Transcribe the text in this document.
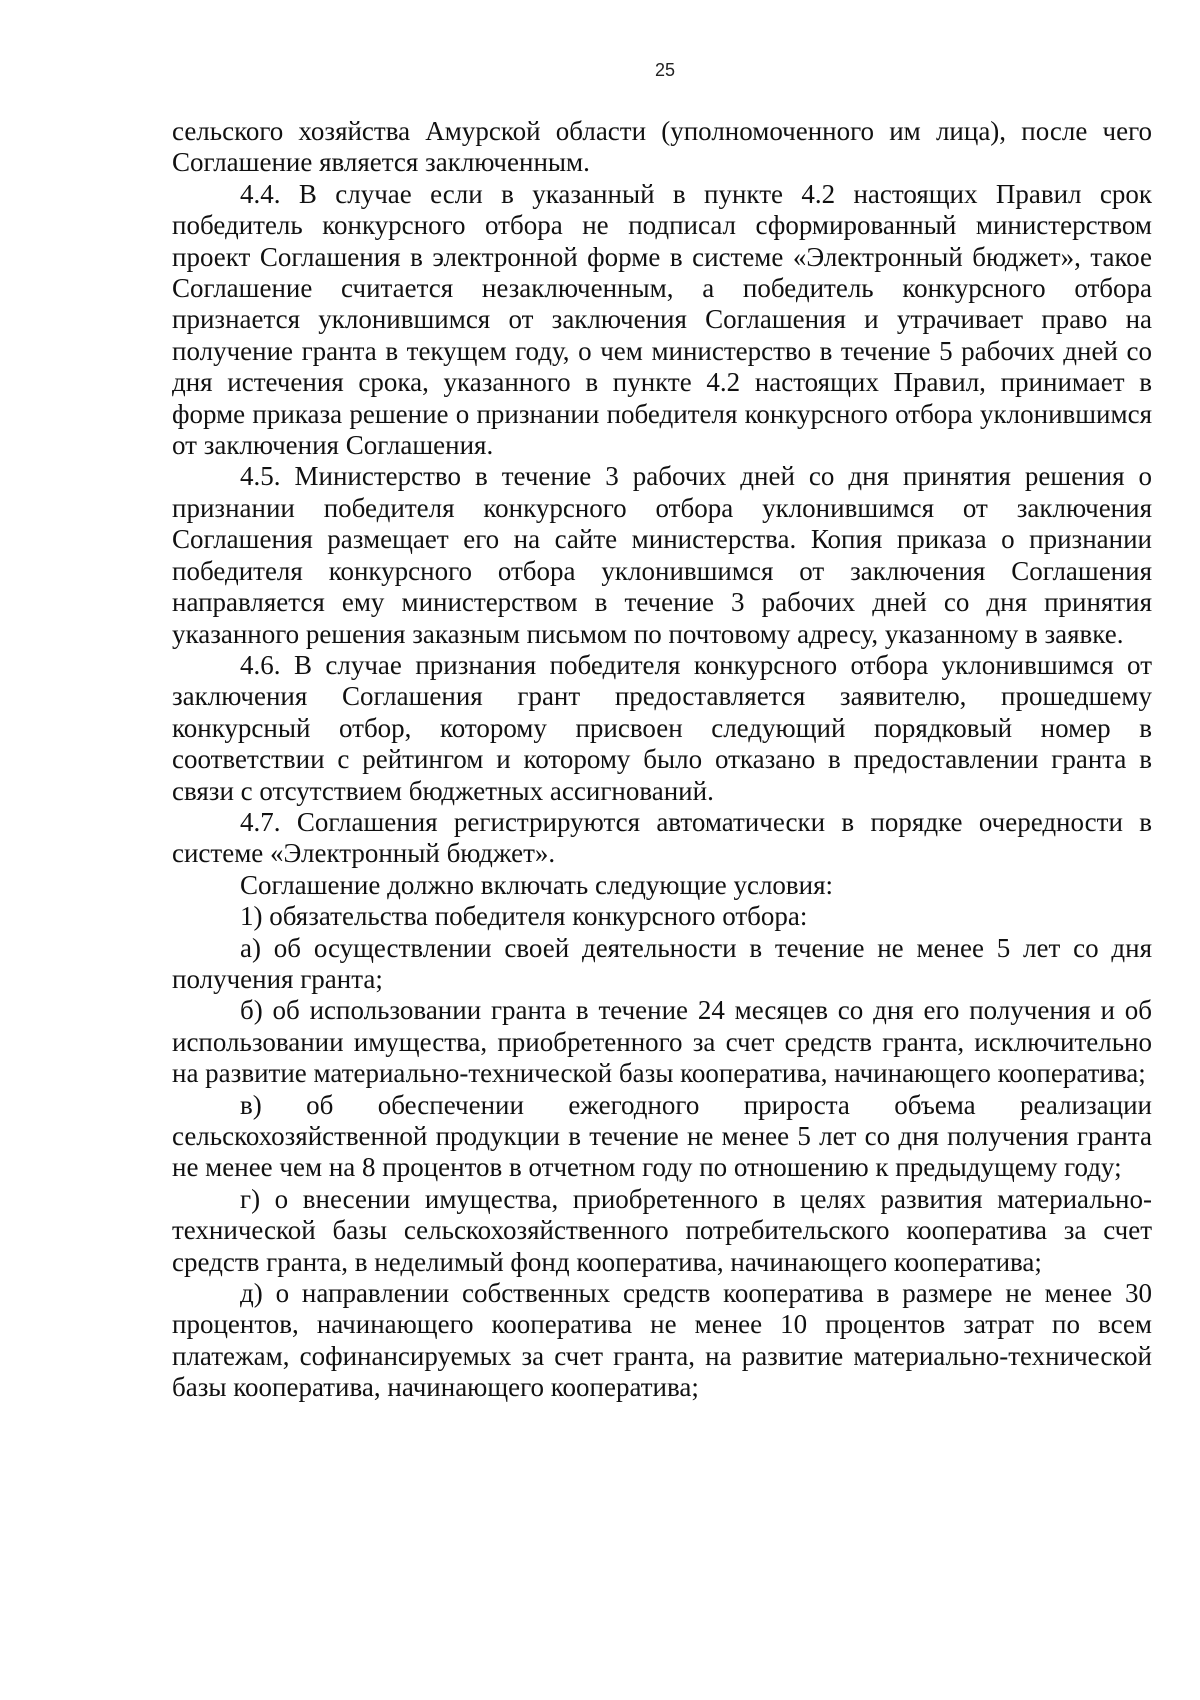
25

сельского хозяйства Амурской области (уполномоченного им лица), после чего Соглашение является заключенным.

4.4. В случае если в указанный в пункте 4.2 настоящих Правил срок победитель конкурсного отбора не подписал сформированный министерством проект Соглашения в электронной форме в системе «Электронный бюджет», такое Соглашение считается незаключенным, а победитель конкурсного отбора признается уклонившимся от заключения Соглашения и утрачивает право на получение гранта в текущем году, о чем министерство в течение 5 рабочих дней со дня истечения срока, указанного в пункте 4.2 настоящих Правил, принимает в форме приказа решение о признании победителя конкурсного отбора уклонившимся от заключения Соглашения.

4.5. Министерство в течение 3 рабочих дней со дня принятия решения о признании победителя конкурсного отбора уклонившимся от заключения Соглашения размещает его на сайте министерства. Копия приказа о признании победителя конкурсного отбора уклонившимся от заключения Соглашения направляется ему министерством в течение 3 рабочих дней со дня принятия указанного решения заказным письмом по почтовому адресу, указанному в заявке.

4.6. В случае признания победителя конкурсного отбора уклонившимся от заключения Соглашения грант предоставляется заявителю, прошедшему конкурсный отбор, которому присвоен следующий порядковый номер в соответствии с рейтингом и которому было отказано в предоставлении гранта в связи с отсутствием бюджетных ассигнований.

4.7. Соглашения регистрируются автоматически в порядке очередности в системе «Электронный бюджет».

Соглашение должно включать следующие условия:

1) обязательства победителя конкурсного отбора:

а) об осуществлении своей деятельности в течение не менее 5 лет со дня получения гранта;

б) об использовании гранта в течение 24 месяцев со дня его получения и об использовании имущества, приобретенного за счет средств гранта, исключительно на развитие материально-технической базы кооператива, начинающего кооператива;

в) об обеспечении ежегодного прироста объема реализации сельскохозяйственной продукции в течение не менее 5 лет со дня получения гранта не менее чем на 8 процентов в отчетном году по отношению к предыдущему году;

г) о внесении имущества, приобретенного в целях развития материально-технической базы сельскохозяйственного потребительского кооператива за счет средств гранта, в неделимый фонд кооператива, начинающего кооператива;

д) о направлении собственных средств кооператива в размере не менее 30 процентов, начинающего кооператива не менее 10 процентов затрат по всем платежам, софинансируемых за счет гранта, на развитие материально-технической базы кооператива, начинающего кооператива;
